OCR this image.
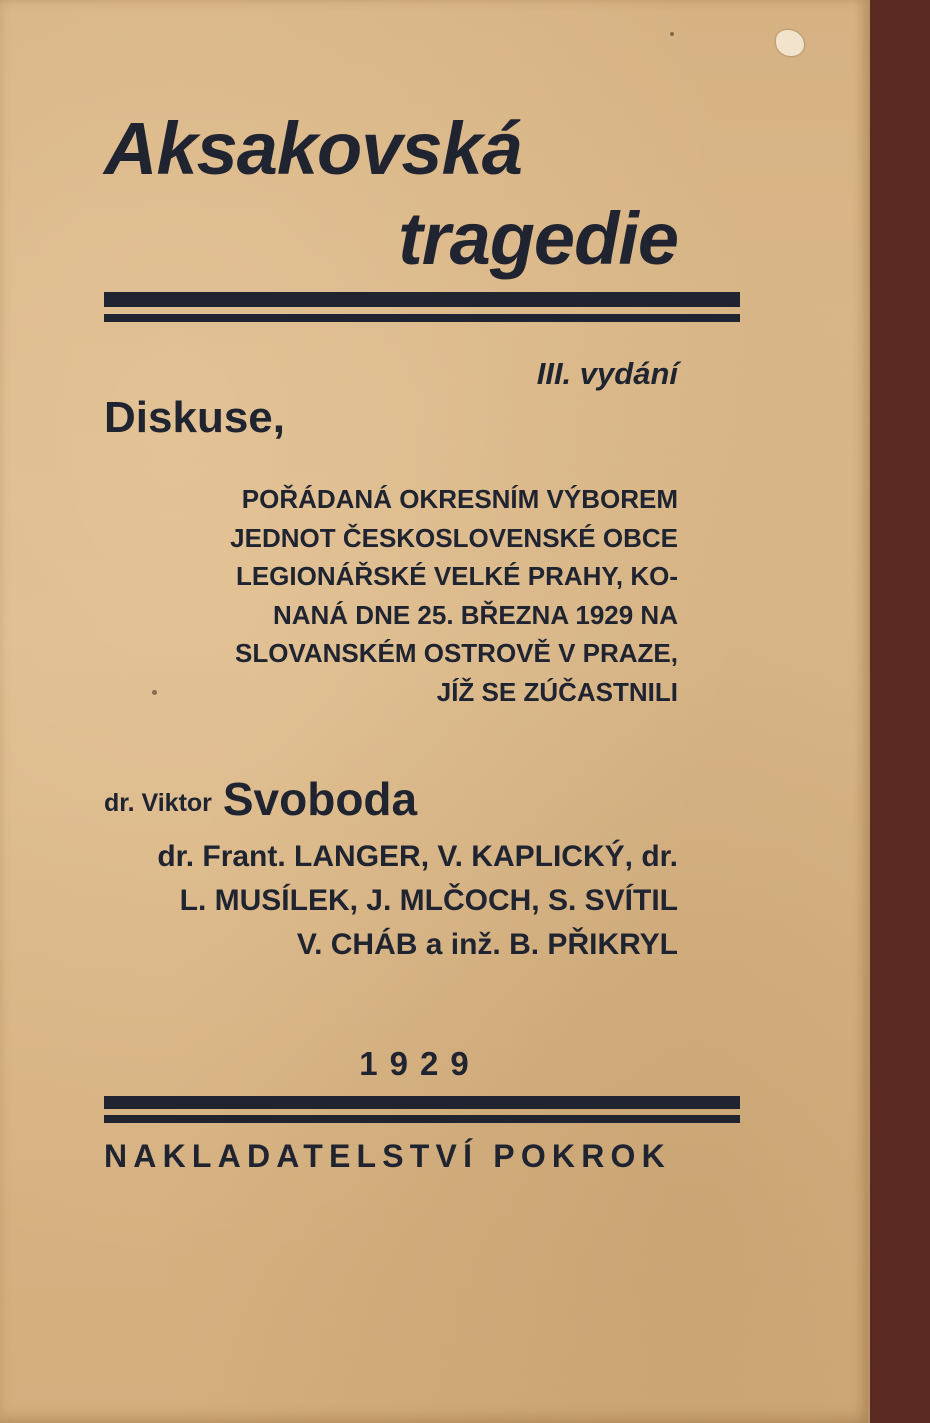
Aksakovská
tragedie

III. vydání

Diskuse,

POŘÁDANÁ OKRESNÍM VÝBOREM
JEDNOT ČESKOSLOVENSKÉ OBCE
LEGIONÁŘSKÉ VELKÉ PRAHY, KO-
NANÁ DNE 25. BŘEZNA 1929 NA
SLOVANSKÉM OSTROVĚ V PRAZE,
JÍŽ SE ZÚČASTNILI

dr. Viktor Svoboda

dr. Frant. LANGER, V. KAPLICKÝ, dr.

L. MUSÍLEK, J. MLČOCH, S. SVÍTIL

V. CHÁB a inž. B. PŘIKRYL

1929

NAKLADATELSTVÍ POKROK
